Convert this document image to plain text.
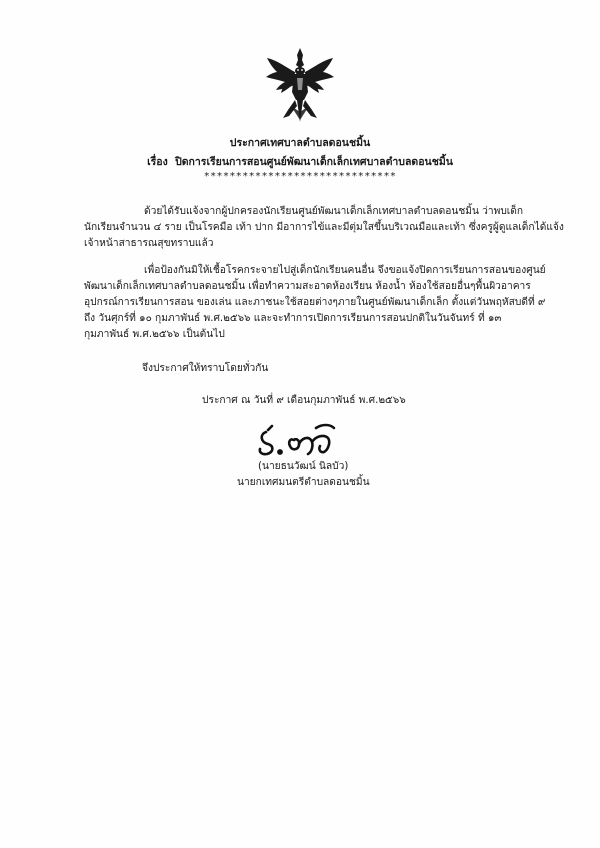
ประกาศเทศบาลตำบลดอนชมิ้น
เรื่อง ปิดการเรียนการสอนศูนย์พัฒนาเด็กเล็กเทศบาลตำบลดอนชมิ้น
******************************
ด้วยได้รับแจ้งจากผู้ปกครองนักเรียนศูนย์พัฒนาเด็กเล็กเทศบาลตำบลดอนชมิ้น ว่าพบเด็ก
นักเรียนจำนวน ๔ ราย เป็นโรคมือ เท้า ปาก มีอาการไข้และมีตุ่มใสขึ้นบริเวณมือและเท้า ซึ่งครูผู้ดูแลเด็กได้แจ้ง
เจ้าหน้าสาธารณสุขทราบแล้ว
เพื่อป้องกันมิให้เชื้อโรคกระจายไปสู่เด็กนักเรียนคนอื่น จึงขอแจ้งปิดการเรียนการสอนของศูนย์
พัฒนาเด็กเล็กเทศบาลตำบลดอนชมิ้น เพื่อทำความสะอาดห้องเรียน ห้องน้ำ ห้องใช้สอยอื่นๆพื้นผิวอาคาร
อุปกรณ์การเรียนการสอน ของเล่น และภาชนะใช้สอยต่างๆภายในศูนย์พัฒนาเด็กเล็ก ตั้งแต่วันพฤหัสบดีที่ ๙
ถึง วันศุกร์ที่ ๑๐ กุมภาพันธ์ พ.ศ.๒๕๖๖ และจะทำการเปิดการเรียนการสอนปกติในวันจันทร์ ที่ ๑๓
กุมภาพันธ์ พ.ศ.๒๕๖๖ เป็นต้นไป
จึงประกาศให้ทราบโดยทั่วกัน
ประกาศ ณ วันที่ ๙ เดือนกุมภาพันธ์ พ.ศ.๒๕๖๖
(นายธนวัฒน์ นิลบัว)
นายกเทศมนตรีตำบลดอนชมิ้น
